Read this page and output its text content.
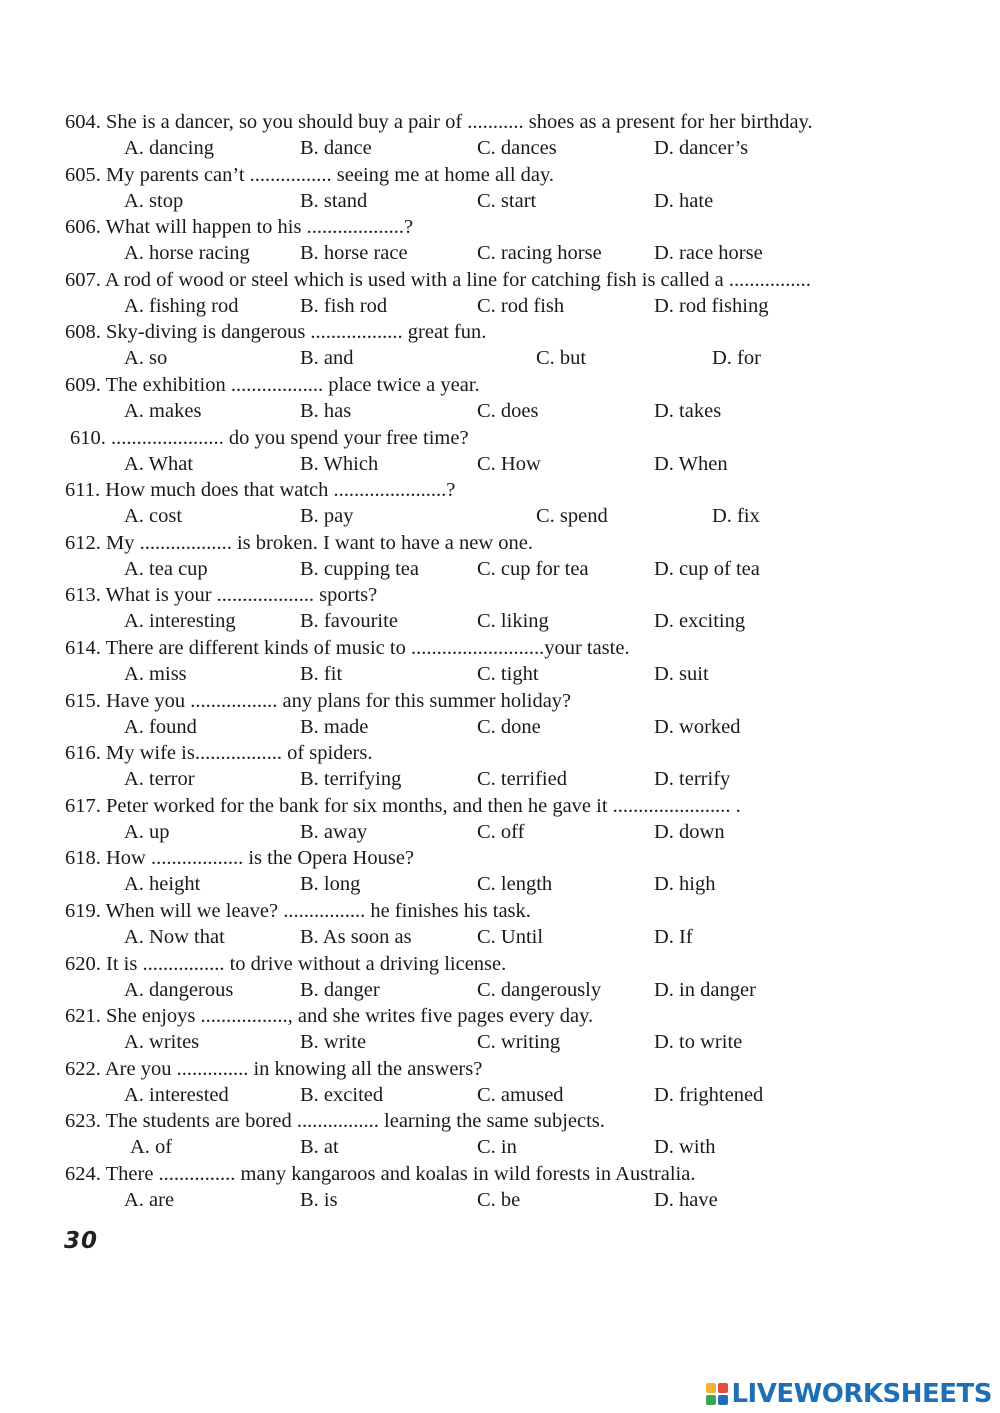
604. She is a dancer, so you should buy a pair of ........... shoes as a present for her birthday.
A. dancing	B. dance	C. dances	D. dancer’s
605. My parents can’t ................ seeing me at home all day.
A. stop	B. stand	C. start	D. hate
606. What will happen to his ...................?
A. horse racing B. horse race	C. racing horse	D. race horse
607. A rod of wood or steel which is used with a line for catching fish is called a ................
A. fishing rod	B. fish rod	C. rod fish	D. rod fishing
608. Sky-diving is dangerous .................. great fun.
A. so	B. and	C. but	D. for
609. The exhibition .................. place twice a year.
A. makes	B. has	C. does	D. takes
610. ...................... do you spend your free time?
A. What	B. Which	C. How	D. When
611. How much does that watch ......................?
A. cost	B. pay	C. spend	D. fix
612. My .................. is broken. I want to have a new one.
A. tea cup	B. cupping tea	C. cup for tea	D. cup of tea
613. What is your ................... sports?
A. interesting	B. favourite	C. liking	D. exciting
614. There are different kinds of music to ..........................your taste.
A. miss	B. fit	C. tight	D. suit
615. Have you ................. any plans for this summer holiday?
A. found	B. made	C. done	D. worked
616. My wife is................. of spiders.
A. terror	B. terrifying	C. terrified	D. terrify
617. Peter worked for the bank for six months, and then he gave it ....................... .
A. up	B. away	C. off	D. down
618. How .................. is the Opera House?
A. height	B. long	C. length	D. high
619. When will we leave? ................ he finishes his task.
A. Now that	B. As soon as	C. Until	D. If
620. It is ................ to drive without a driving license.
A. dangerous	B. danger	C. dangerously	D. in danger
621. She enjoys ................., and she writes five pages every day.
A. writes	B. write	C. writing	D. to write
622. Are you .............. in knowing all the answers?
A. interested	B. excited	C. amused	D. frightened
623. The students are bored ................ learning the same subjects.
A. of	B. at	C. in	D. with
624. There ............... many kangaroos and koalas in wild forests in Australia.
A. are	B. is	C. be	D. have
30
LIVEWORKSHEETS
